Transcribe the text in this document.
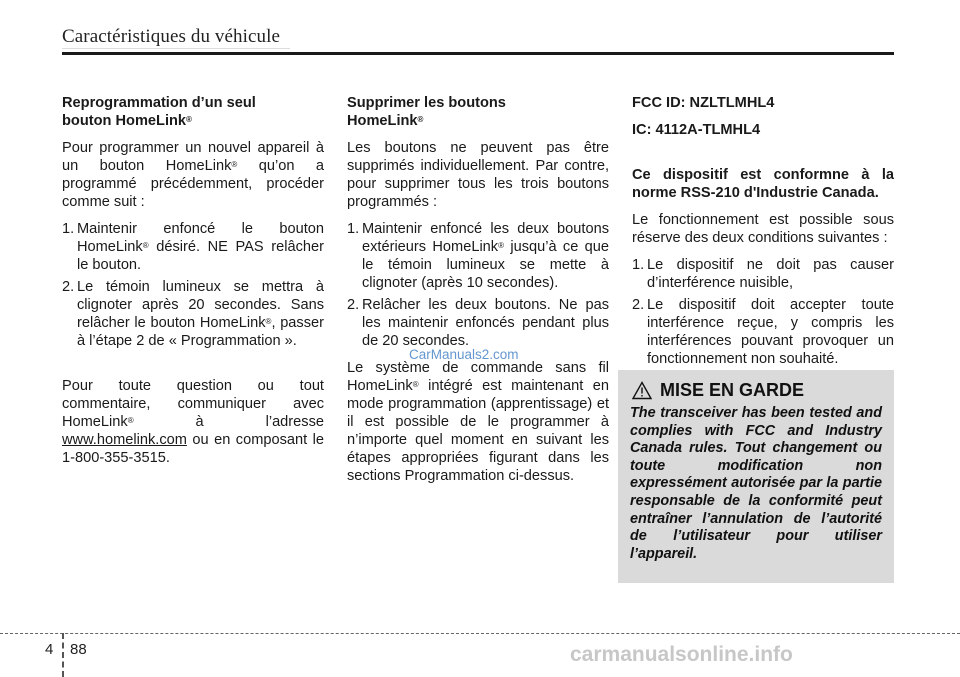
Caractéristiques du véhicule
Reprogrammation d’un seul
bouton HomeLink®
Pour programmer un nouvel appareil à un bouton HomeLink® qu’on a programmé précédemment, procéder comme suit :
1. Maintenir enfoncé le bouton HomeLink® désiré. NE PAS relâcher le bouton.
2. Le témoin lumineux se mettra à clignoter après 20 secondes. Sans relâcher le bouton HomeLink®, passer à l’étape 2 de « Programmation ».
Pour toute question ou tout commentaire, communiquer avec HomeLink® à l’adresse www.homelink.com ou en composant le 1-800-355-3515.
Supprimer les boutons
HomeLink®
Les boutons ne peuvent pas être supprimés individuellement. Par contre, pour supprimer tous les trois boutons programmés :
1. Maintenir enfoncé les deux boutons extérieurs HomeLink® jusqu’à ce que le témoin lumineux se mette à clignoter (après 10 secondes).
2. Relâcher les deux boutons. Ne pas les maintenir enfoncés pendant plus de 20 secondes.
Le système de commande sans fil HomeLink® intégré est maintenant en mode programmation (apprentissage) et il est possible de le programmer à n’importe quel moment en suivant les étapes appropriées figurant dans les sections Programmation ci-dessus.
FCC ID: NZLTLMHL4
IC: 4112A-TLMHL4
Ce dispositif est conformne à la norme RSS-210 d'Industrie Canada.
Le fonctionnement est possible sous réserve des deux conditions suivantes :
1. Le dispositif ne doit pas causer d’interférence nuisible,
2. Le dispositif doit accepter toute interférence reçue, y compris les interférences pouvant provoquer un fonctionnement non souhaité.
MISE EN GARDE
The transceiver has been tested and complies with FCC and Industry Canada rules. Tout changement ou toute modification non expressément autorisée par la partie responsable de la conformité peut entraîner l’annulation de l’autorité de l’utilisateur pour utiliser l’appareil.
4 88
CarManuals2.com
carmanualsonline.info
